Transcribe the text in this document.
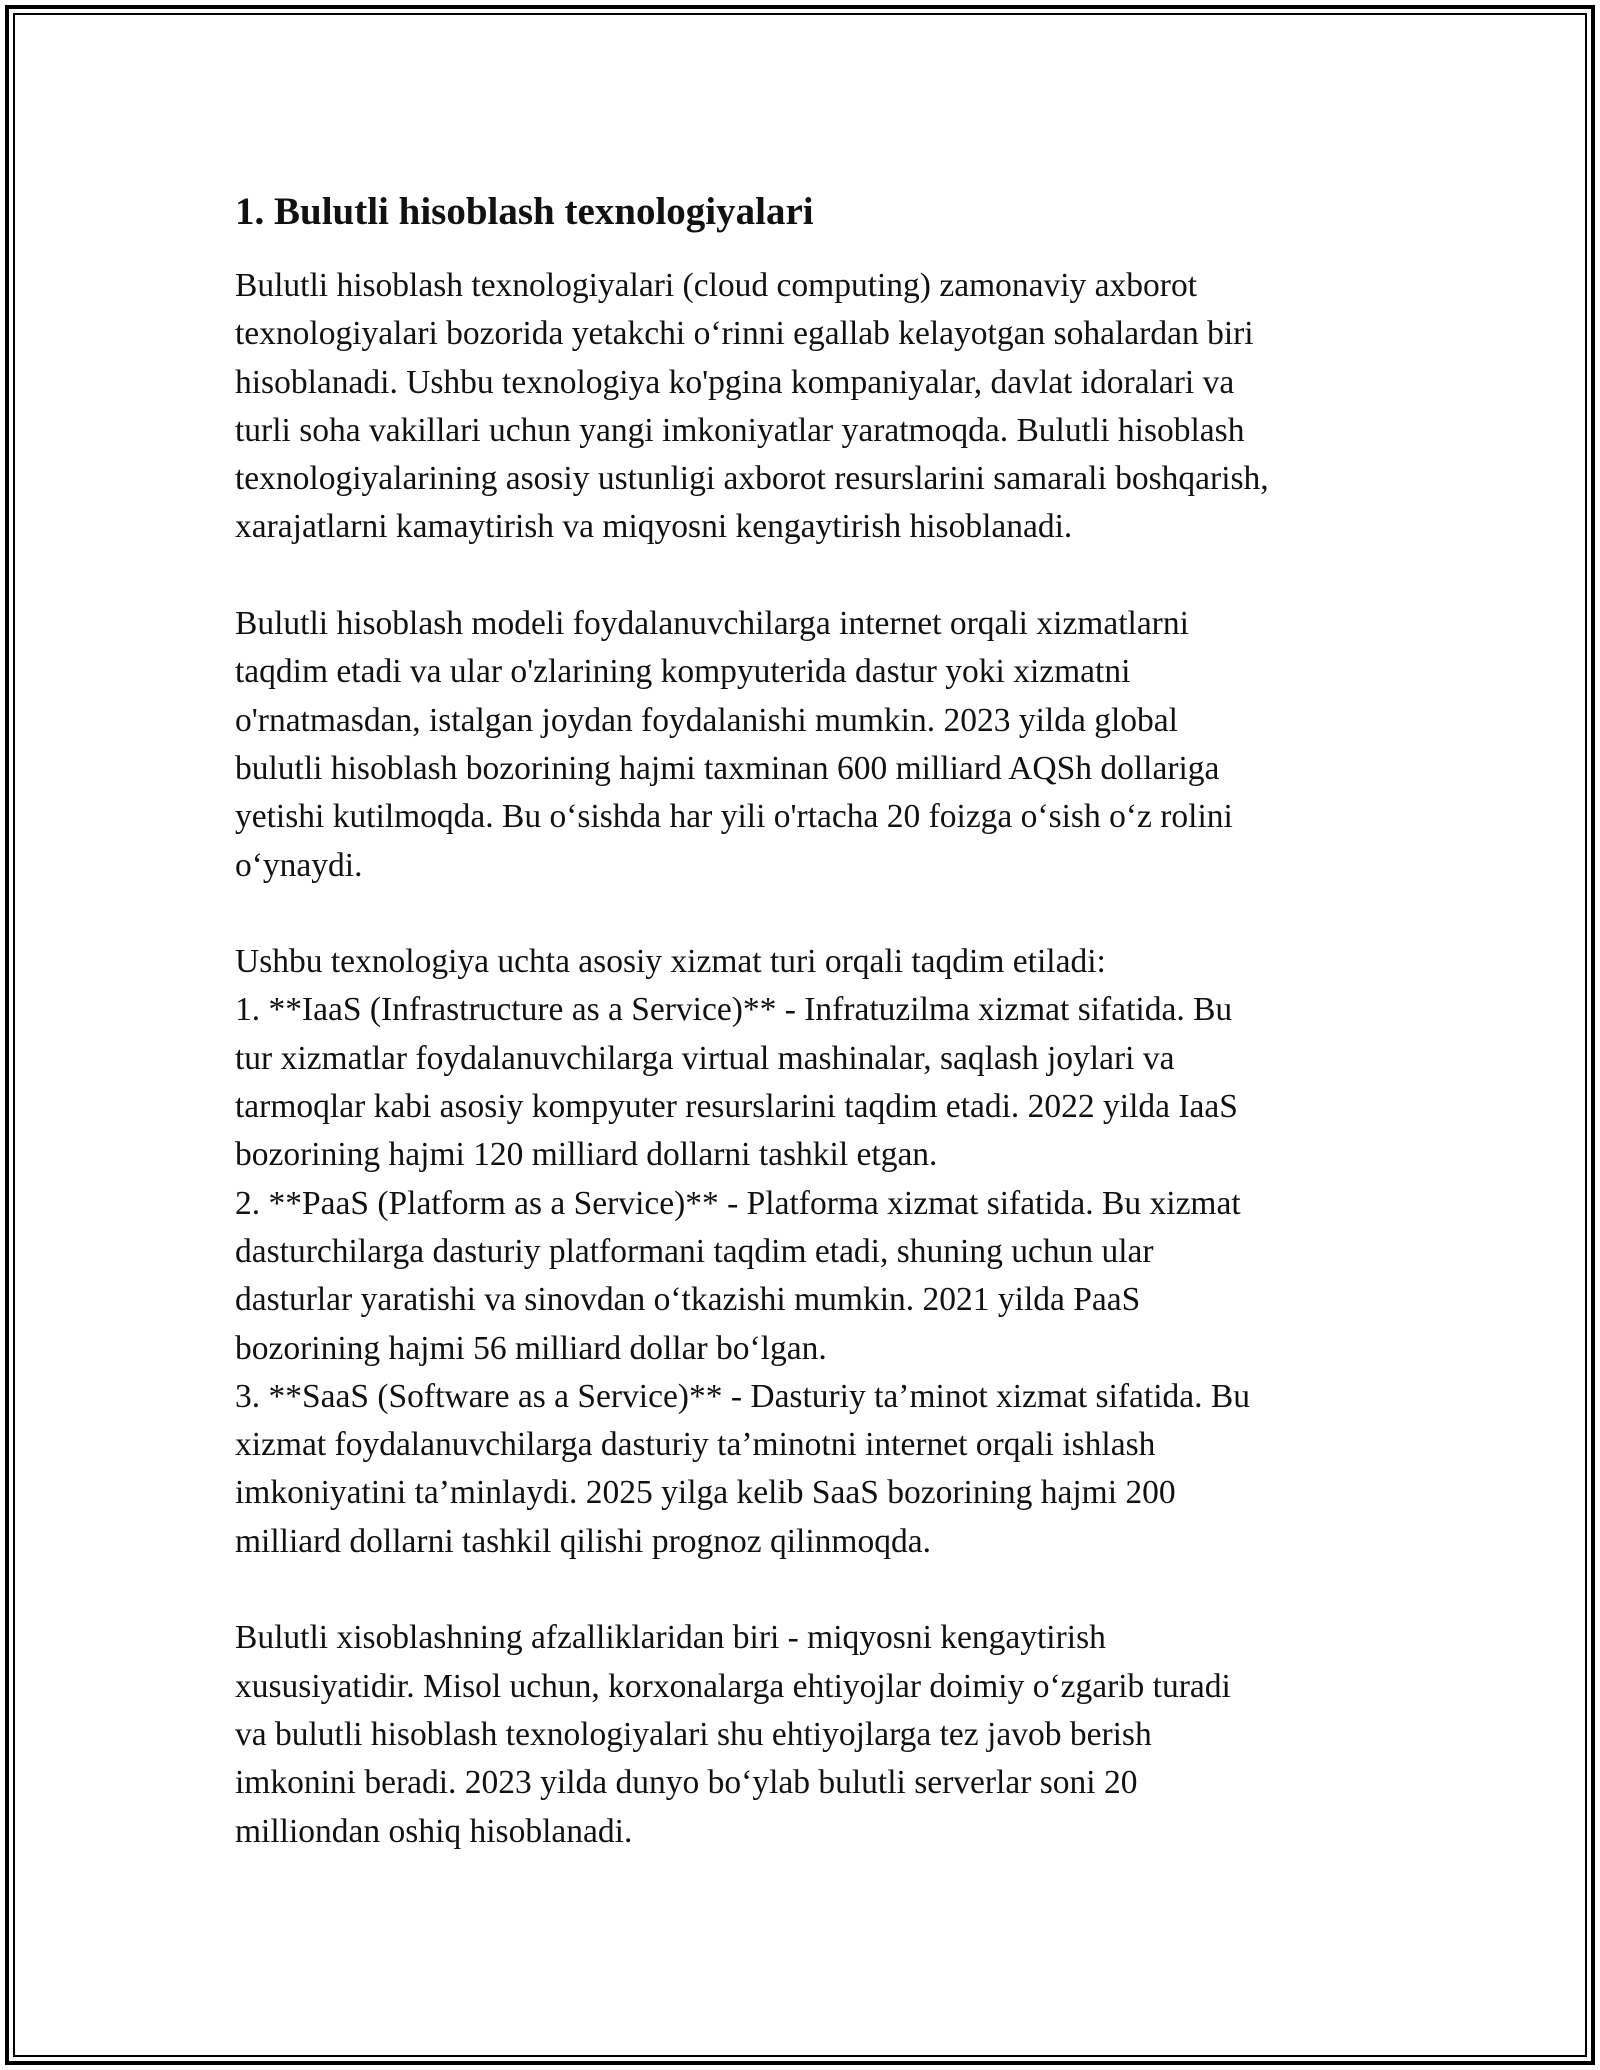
1. Bulutli hisoblash texnologiyalari
Bulutli hisoblash texnologiyalari (cloud computing) zamonaviy axborot
texnologiyalari bozorida yetakchi o‘rinni egallab kelayotgan sohalardan biri
hisoblanadi. Ushbu texnologiya ko'pgina kompaniyalar, davlat idoralari va
turli soha vakillari uchun yangi imkoniyatlar yaratmoqda. Bulutli hisoblash
texnologiyalarining asosiy ustunligi axborot resurslarini samarali boshqarish,
xarajatlarni kamaytirish va miqyosni kengaytirish hisoblanadi.
Bulutli hisoblash modeli foydalanuvchilarga internet orqali xizmatlarni
taqdim etadi va ular o'zlarining kompyuterida dastur yoki xizmatni
o'rnatmasdan, istalgan joydan foydalanishi mumkin. 2023 yilda global
bulutli hisoblash bozorining hajmi taxminan 600 milliard AQSh dollariga
yetishi kutilmoqda. Bu o‘sishda har yili o'rtacha 20 foizga o‘sish o‘z rolini
o‘ynaydi.
Ushbu texnologiya uchta asosiy xizmat turi orqali taqdim etiladi:
1. **IaaS (Infrastructure as a Service)** - Infratuzilma xizmat sifatida. Bu
tur xizmatlar foydalanuvchilarga virtual mashinalar, saqlash joylari va
tarmoqlar kabi asosiy kompyuter resurslarini taqdim etadi. 2022 yilda IaaS
bozorining hajmi 120 milliard dollarni tashkil etgan.
2. **PaaS (Platform as a Service)** - Platforma xizmat sifatida. Bu xizmat
dasturchilarga dasturiy platformani taqdim etadi, shuning uchun ular
dasturlar yaratishi va sinovdan o‘tkazishi mumkin. 2021 yilda PaaS
bozorining hajmi 56 milliard dollar bo‘lgan.
3. **SaaS (Software as a Service)** - Dasturiy ta’minot xizmat sifatida. Bu
xizmat foydalanuvchilarga dasturiy ta’minotni internet orqali ishlash
imkoniyatini ta’minlaydi. 2025 yilga kelib SaaS bozorining hajmi 200
milliard dollarni tashkil qilishi prognoz qilinmoqda.
Bulutli xisoblashning afzalliklaridan biri - miqyosni kengaytirish
xususiyatidir. Misol uchun, korxonalarga ehtiyojlar doimiy o‘zgarib turadi
va bulutli hisoblash texnologiyalari shu ehtiyojlarga tez javob berish
imkonini beradi. 2023 yilda dunyo bo‘ylab bulutli serverlar soni 20
milliondan oshiq hisoblanadi.
